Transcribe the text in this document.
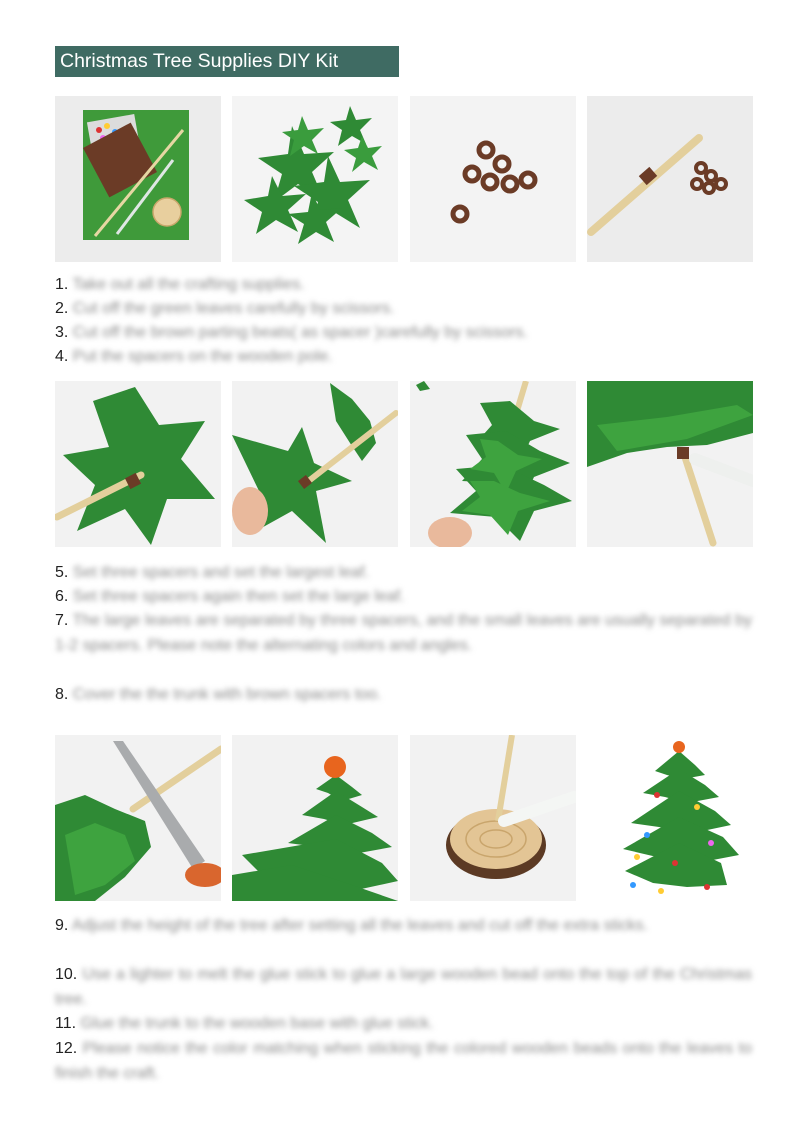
Christmas Tree Supplies DIY Kit
1. Take out all the crafting supplies.
2. Cut off the green leaves carefully by scissors.
3. Cut off the brown parting beats( as spacer )carefully by scissors.
4. Put the spacers on the wooden pole.
5. Set three spacers and set the largest leaf.
6. Set three spacers again then set the large leaf.
7. The large leaves are separated by three spacers, and the small leaves are usually separated by 1-2 spacers. Please note the alternating colors and angles.
8. Cover the the trunk with brown spacers too.
9. Adjust the height of the tree after setting all the leaves and cut off the extra sticks.
10. Use a lighter to melt the glue stick to glue a large wooden bead onto the top of the Christmas tree.
11. Glue the trunk to the wooden base with glue stick.
12. Please notice the color matching when sticking the colored wooden beads onto the leaves to finish the craft.
